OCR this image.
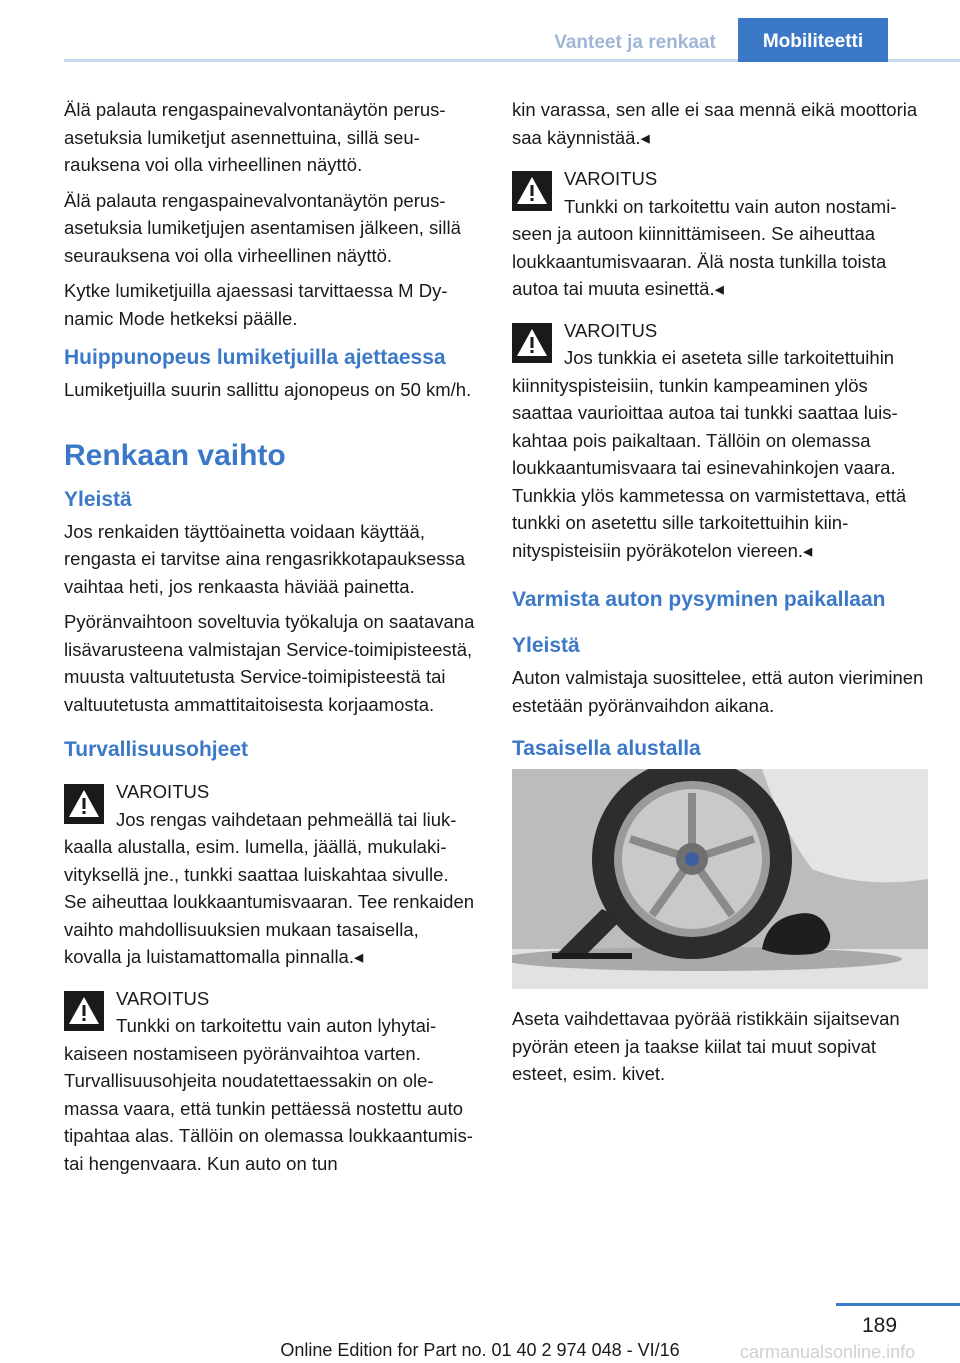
Vanteet ja renkaat	Mobiliteetti

Älä palauta rengaspainevalvontanäytön perusasetuksia lumiketjut asennettuina, sillä seurauksena voi olla virheellinen näyttö.

Älä palauta rengaspainevalvontanäytön perusasetuksia lumiketjujen asentamisen jälkeen, sillä seurauksena voi olla virheellinen näyttö.

Kytke lumiketjuilla ajaessasi tarvittaessa M Dynamic Mode hetkeksi päälle.

Huippunopeus lumiketjuilla ajettaessa

Lumiketjuilla suurin sallittu ajonopeus on 50 km/h.

Renkaan vaihto
Yleistä

Jos renkaiden täyttöainetta voidaan käyttää, rengasta ei tarvitse aina rengasrikkotapauksessa vaihtaa heti, jos renkaasta häviää painetta.

Pyöränvaihtoon soveltuvia työkaluja on saatavana lisävarusteena valmistajan Service-toimipisteestä, muusta valtuutetusta Service-toimipisteestä tai valtuutetusta ammattitaitoisesta korjaamosta.

Turvallisuusohjeet
VAROITUS

Jos rengas vaihdetaan pehmeällä tai liukkaalla alustalla, esim. lumella, jäällä, mukulakivityksellä jne., tunkki saattaa luiskahtaa sivulle. Se aiheuttaa loukkaantumisvaaran. Tee renkaiden vaihto mahdollisuuksien mukaan tasaisella, kovalla ja luistamattomalla pinnalla.◂

VAROITUS

Tunkki on tarkoitettu vain auton lyhytaikaiseen nostamiseen pyöränvaihtoa varten. Turvallisuusohjeita noudatettaessakin on olemassa vaara, että tunkin pettäessä nostettu auto tipahtaa alas. Tällöin on olemassa loukkaantumis- tai hengenvaara. Kun auto on tun

kin varassa, sen alle ei saa mennä eikä moottoria saa käynnistää.◂

VAROITUS

Tunkki on tarkoitettu vain auton nostamiseen ja autoon kiinnittämiseen. Se aiheuttaa loukkaantumisvaaran. Älä nosta tunkilla toista autoa tai muuta esinettä.◂

VAROITUS

Jos tunkkia ei aseteta sille tarkoitettuihin kiinnityspisteisiin, tunkin kampeaminen ylös saattaa vaurioittaa autoa tai tunkki saattaa luiskahtaa pois paikaltaan. Tällöin on olemassa loukkaantumisvaara tai esinevahinkojen vaara. Tunkkia ylös kammetessa on varmistettava, että tunkki on asetettu sille tarkoitettuihin kiinnityspisteisiin pyöräkotelon viereen.◂

Varmista auton pysyminen paikallaan
Yleistä

Auton valmistaja suosittelee, että auton vieriminen estetään pyöränvaihdon aikana.

Tasaisella alustalla

Aseta vaihdettavaa pyörää ristikkäin sijaitsevan pyörän eteen ja taakse kiilat tai muut sopivat esteet, esim. kivet.

189
Online Edition for Part no. 01 40 2 974 048 - VI/16	carmanualsonline.info
